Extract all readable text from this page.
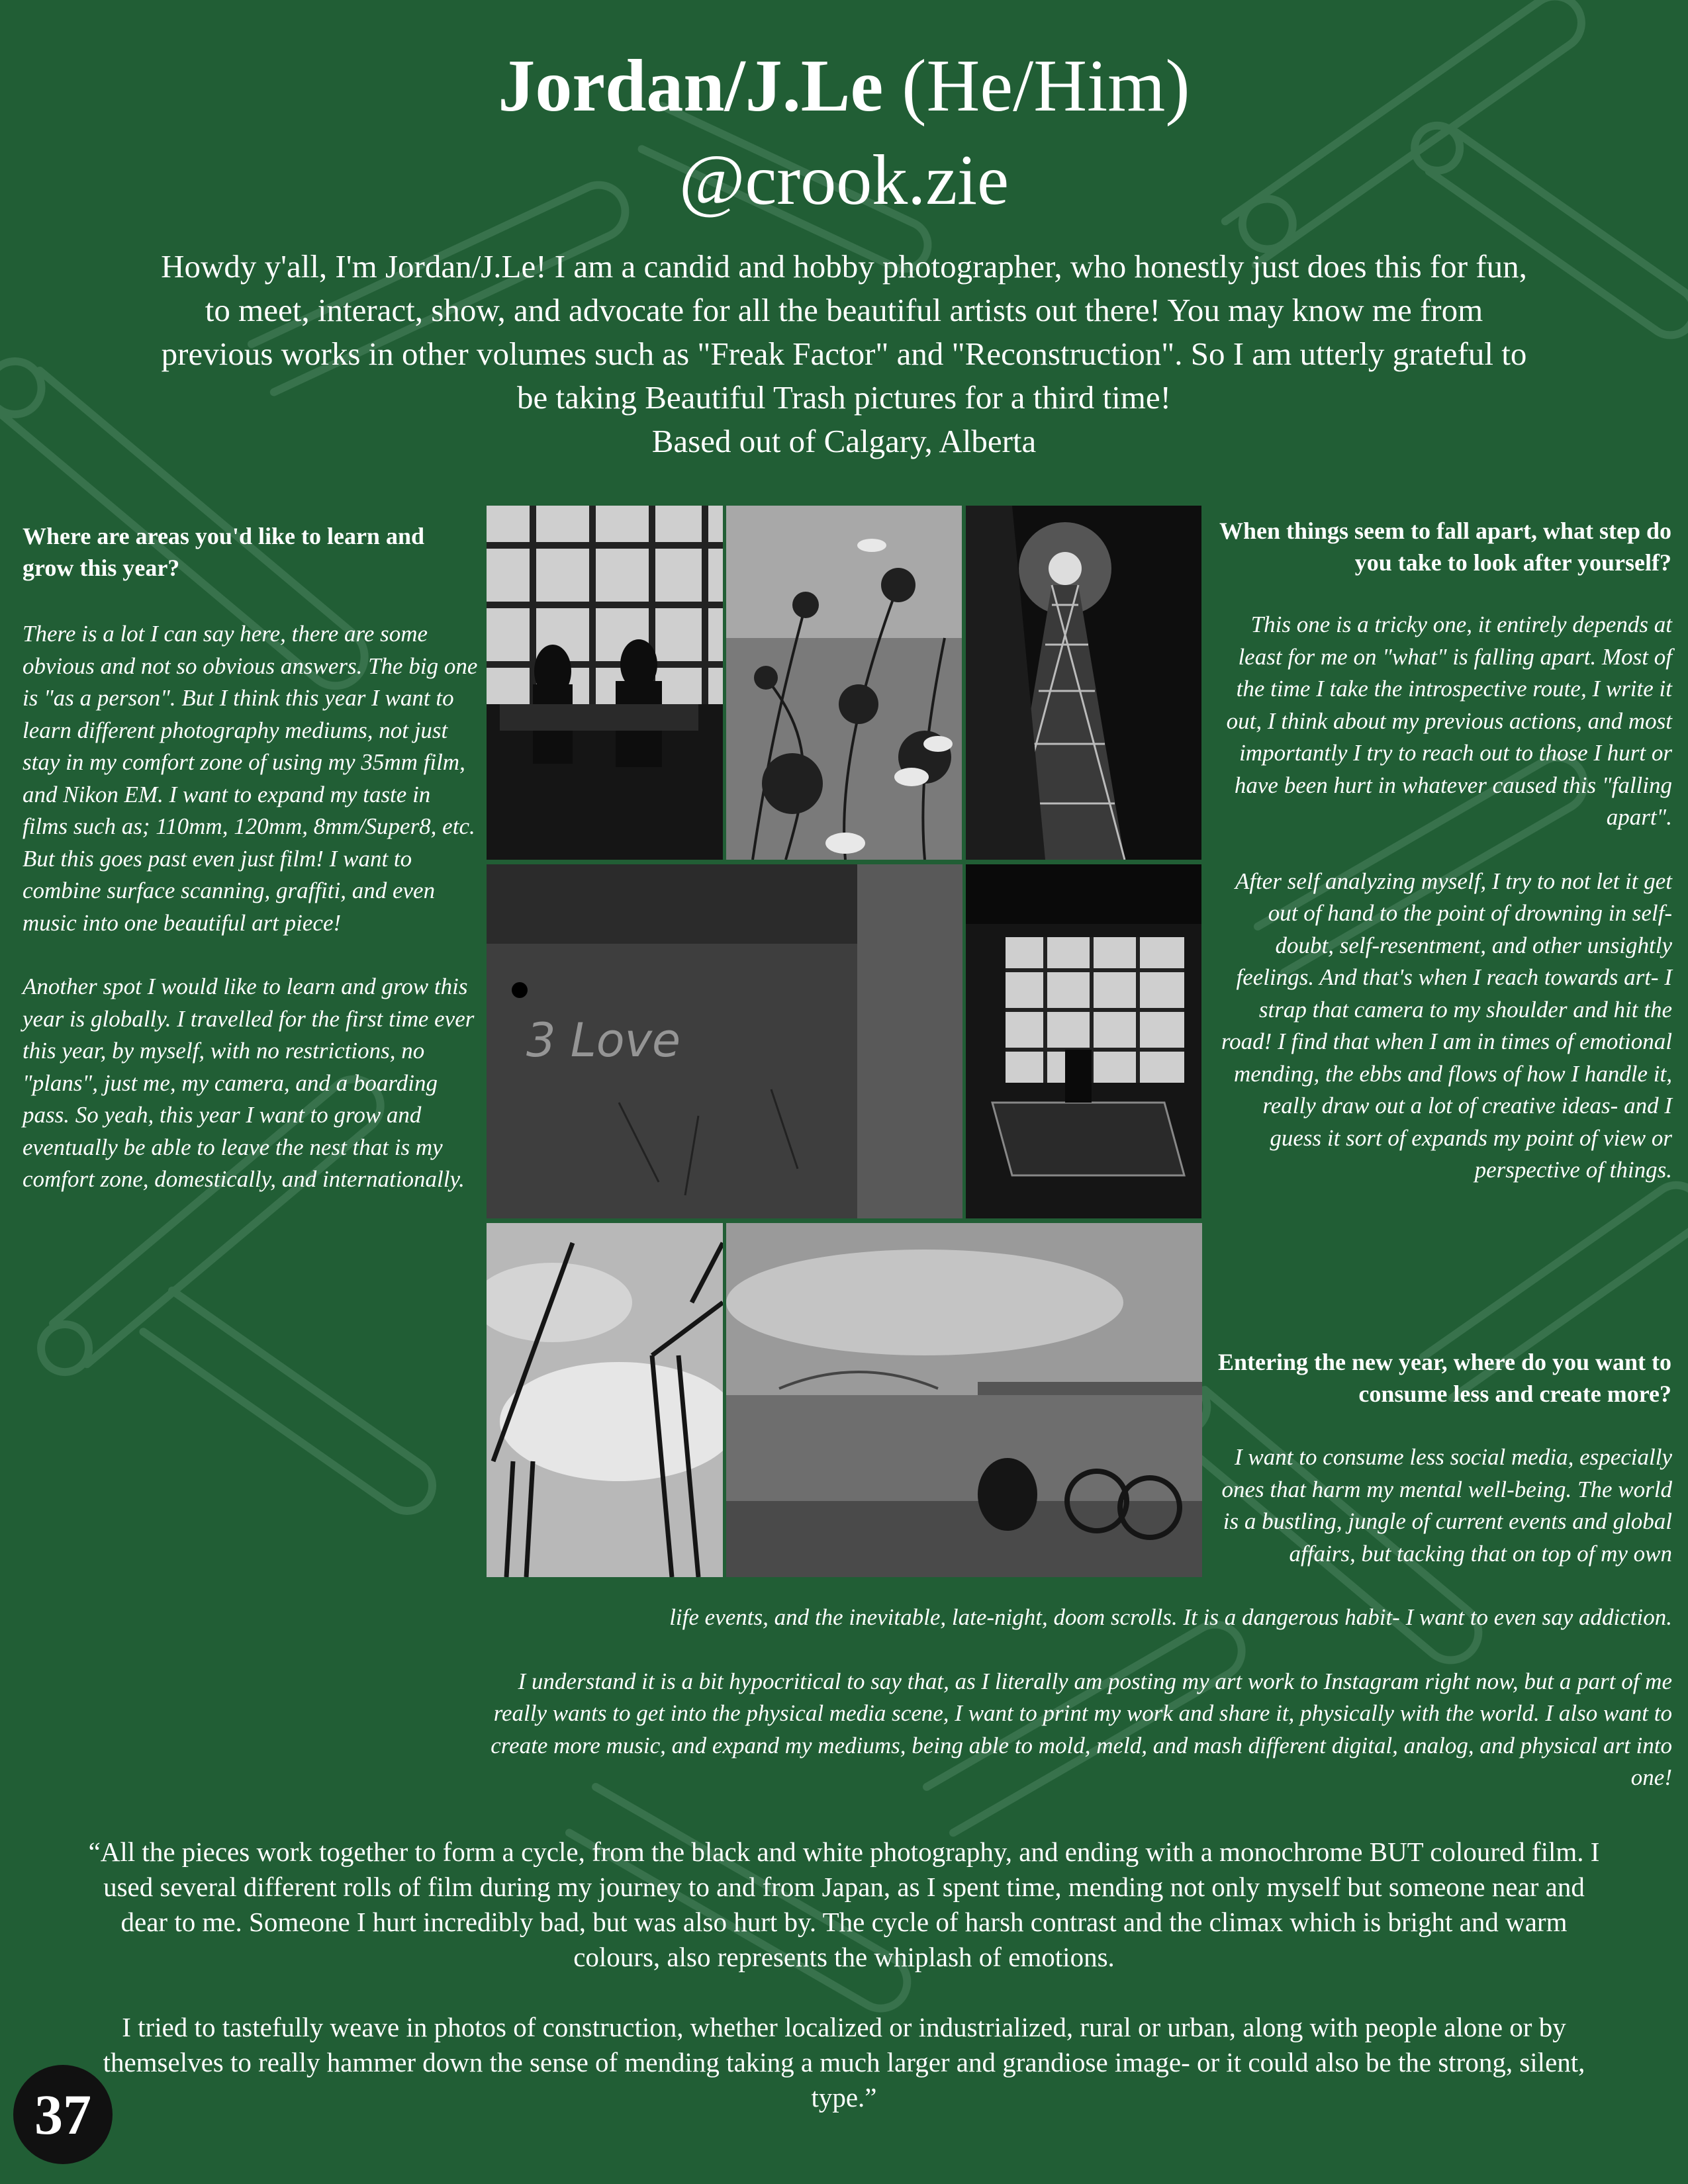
Jordan/J.Le (He/Him)
@crook.zie
Howdy y'all, I'm Jordan/J.Le! I am a candid and hobby photographer, who honestly just does this for fun,
to meet, interact, show, and advocate for all the beautiful artists out there! You may know me from
previous works in other volumes such as "Freak Factor" and "Reconstruction". So I am utterly grateful to
be taking Beautiful Trash pictures for a third time!
Based out of Calgary, Alberta
Where are areas you'd like to learn and grow this year?

There is a lot I can say here, there are some obvious and not so obvious answers. The big one is "as a person". But I think this year I want to learn different photography mediums, not just stay in my comfort zone of using my 35mm film, and Nikon EM. I want to expand my taste in films such as; 110mm, 120mm, 8mm/Super8, etc. But this goes past even just film! I want to combine surface scanning, graffiti, and even music into one beautiful art piece!

Another spot I would like to learn and grow this year is globally. I travelled for the first time ever this year, by myself, with no restrictions, no "plans", just me, my camera, and a boarding pass. So yeah, this year I want to grow and eventually be able to leave the nest that is my comfort zone, domestically, and internationally.

When things seem to fall apart, what step do you take to look after yourself?

This one is a tricky one, it entirely depends at least for me on "what" is falling apart. Most of the time I take the introspective route, I write it out, I think about my previous actions, and most importantly I try to reach out to those I hurt or have been hurt in whatever caused this "falling apart".

After self analyzing myself, I try to not let it get out of hand to the point of drowning in self-doubt, self-resentment, and other unsightly feelings. And that's when I reach towards art- I strap that camera to my shoulder and hit the road! I find that when I am in times of emotional mending, the ebbs and flows of how I handle it, really draw out a lot of creative ideas- and I guess it sort of expands my point of view or perspective of things.

Entering the new year, where do you want to consume less and create more?

I want to consume less social media, especially ones that harm my mental well-being. The world is a bustling, jungle of current events and global affairs, but tacking that on top of my own

life events, and the inevitable, late-night, doom scrolls. It is a dangerous habit- I want to even say addiction.

I understand it is a bit hypocritical to say that, as I literally am posting my art work to Instagram right now, but a part of me really wants to get into the physical media scene, I want to print my work and share it, physically with the world. I also want to create more music, and expand my mediums, being able to mold, meld, and mash different digital, analog, and physical art into one!

3 Love

“All the pieces work together to form a cycle, from the black and white photography, and ending with a monochrome BUT coloured film. I used several different rolls of film during my journey to and from Japan, as I spent time, mending not only myself but someone near and dear to me. Someone I hurt incredibly bad, but was also hurt by. The cycle of harsh contrast and the climax which is bright and warm colours, also represents the whiplash of emotions.

I tried to tastefully weave in photos of construction, whether localized or industrialized, rural or urban, along with people alone or by themselves to really hammer down the sense of mending taking a much larger and grandiose image- or it could also be the strong, silent, type.”

37
